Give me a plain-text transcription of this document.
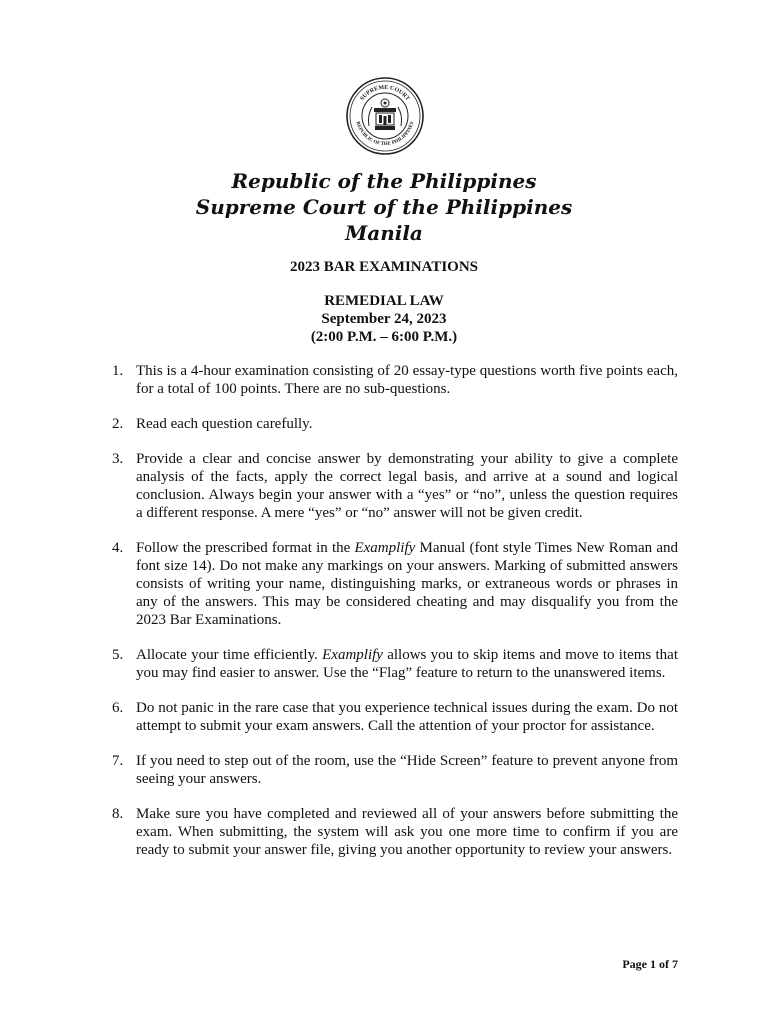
SUPREME COURT
REPUBLIC OF THE PHILIPPINES
Republic of the Philippines
Supreme Court of the Philippines
Manila
2023 BAR EXAMINATIONS
REMEDIAL LAW
September 24, 2023
(2:00 P.M. – 6:00 P.M.)
1. This is a 4-hour examination consisting of 20 essay-type questions worth five points each, for a total of 100 points. There are no sub-questions.
2. Read each question carefully.
3. Provide a clear and concise answer by demonstrating your ability to give a complete analysis of the facts, apply the correct legal basis, and arrive at a sound and logical conclusion. Always begin your answer with a “yes” or “no”, unless the question requires a different response. A mere “yes” or “no” answer will not be given credit.
4. Follow the prescribed format in the Examplify Manual (font style Times New Roman and font size 14). Do not make any markings on your answers. Marking of submitted answers consists of writing your name, distinguishing marks, or extraneous words or phrases in any of the answers. This may be considered cheating and may disqualify you from the 2023 Bar Examinations.
5. Allocate your time efficiently. Examplify allows you to skip items and move to items that you may find easier to answer. Use the “Flag” feature to return to the unanswered items.
6. Do not panic in the rare case that you experience technical issues during the exam. Do not attempt to submit your exam answers. Call the attention of your proctor for assistance.
7. If you need to step out of the room, use the “Hide Screen” feature to prevent anyone from seeing your answers.
8. Make sure you have completed and reviewed all of your answers before submitting the exam. When submitting, the system will ask you one more time to confirm if you are ready to submit your answer file, giving you another opportunity to review your answers.
Page 1 of 7
